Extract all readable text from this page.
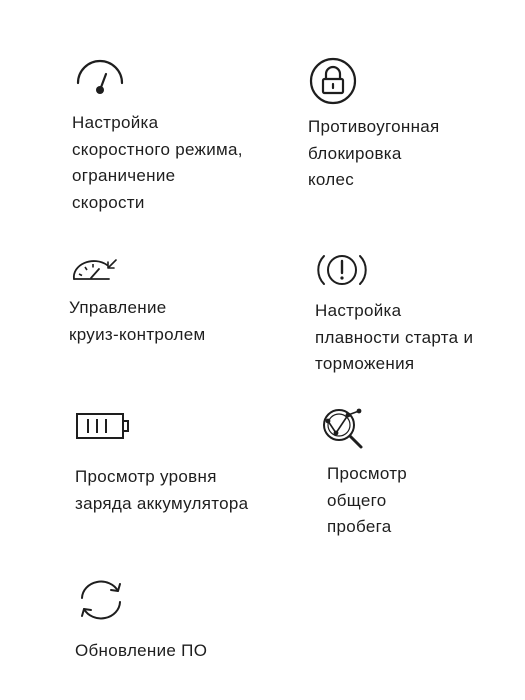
Настройка
скоростного режима,
ограничение
скорости

Противоугонная
блокировка
колес

Управление
круиз-контролем

Настройка
плавности старта и
торможения

Просмотр уровня
заряда аккумулятора

Просмотр
общего
пробега

Обновление ПО
